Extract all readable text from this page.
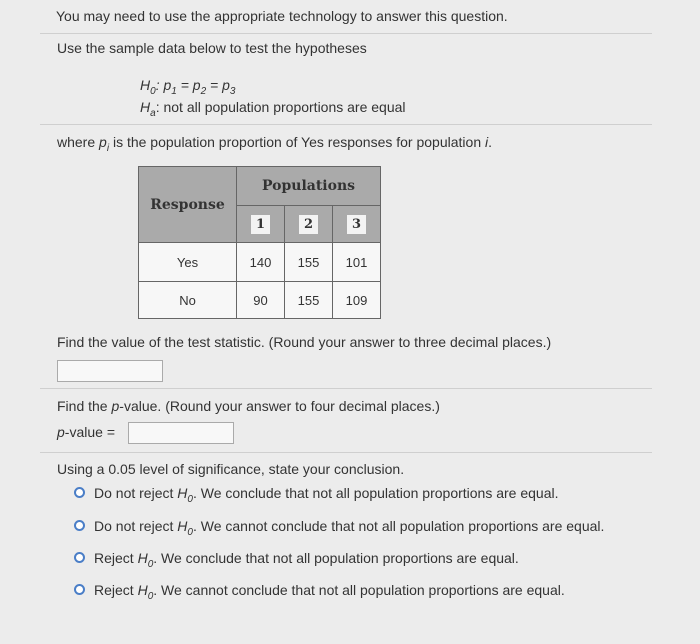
You may need to use the appropriate technology to answer this question.
Use the sample data below to test the hypotheses
$H_0$: $p_1 = p_2 = p_3$
$H_a$: not all population proportions are equal
where $p_i$ is the population proportion of Yes responses for population i.
Response	Populations		
	1	2	3
Yes	140	155	101
No	90	155	109
Find the value of the test statistic. (Round your answer to three decimal places.)
Find the p-value. (Round your answer to four decimal places.)
p-value =
Using a 0.05 level of significance, state your conclusion.
Do not reject $H_0$. We conclude that not all population proportions are equal.
Do not reject $H_0$. We cannot conclude that not all population proportions are equal.
Reject $H_0$. We conclude that not all population proportions are equal.
Reject $H_0$. We cannot conclude that not all population proportions are equal.
